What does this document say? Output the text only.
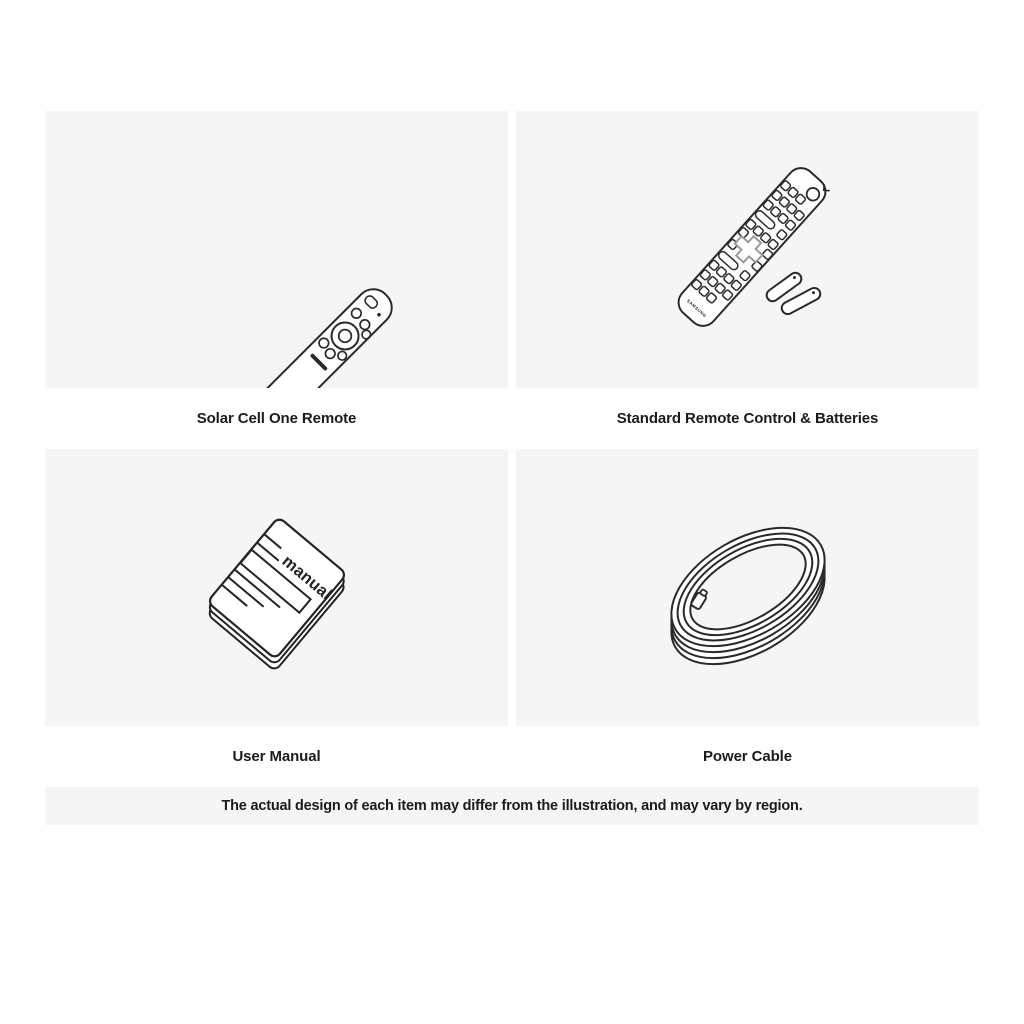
Solar Cell One Remote
SAMSUNG
Standard Remote Control & Batteries
manual
User Manual	Power Cable
The actual design of each item may differ from the illustration, and may vary by region.
